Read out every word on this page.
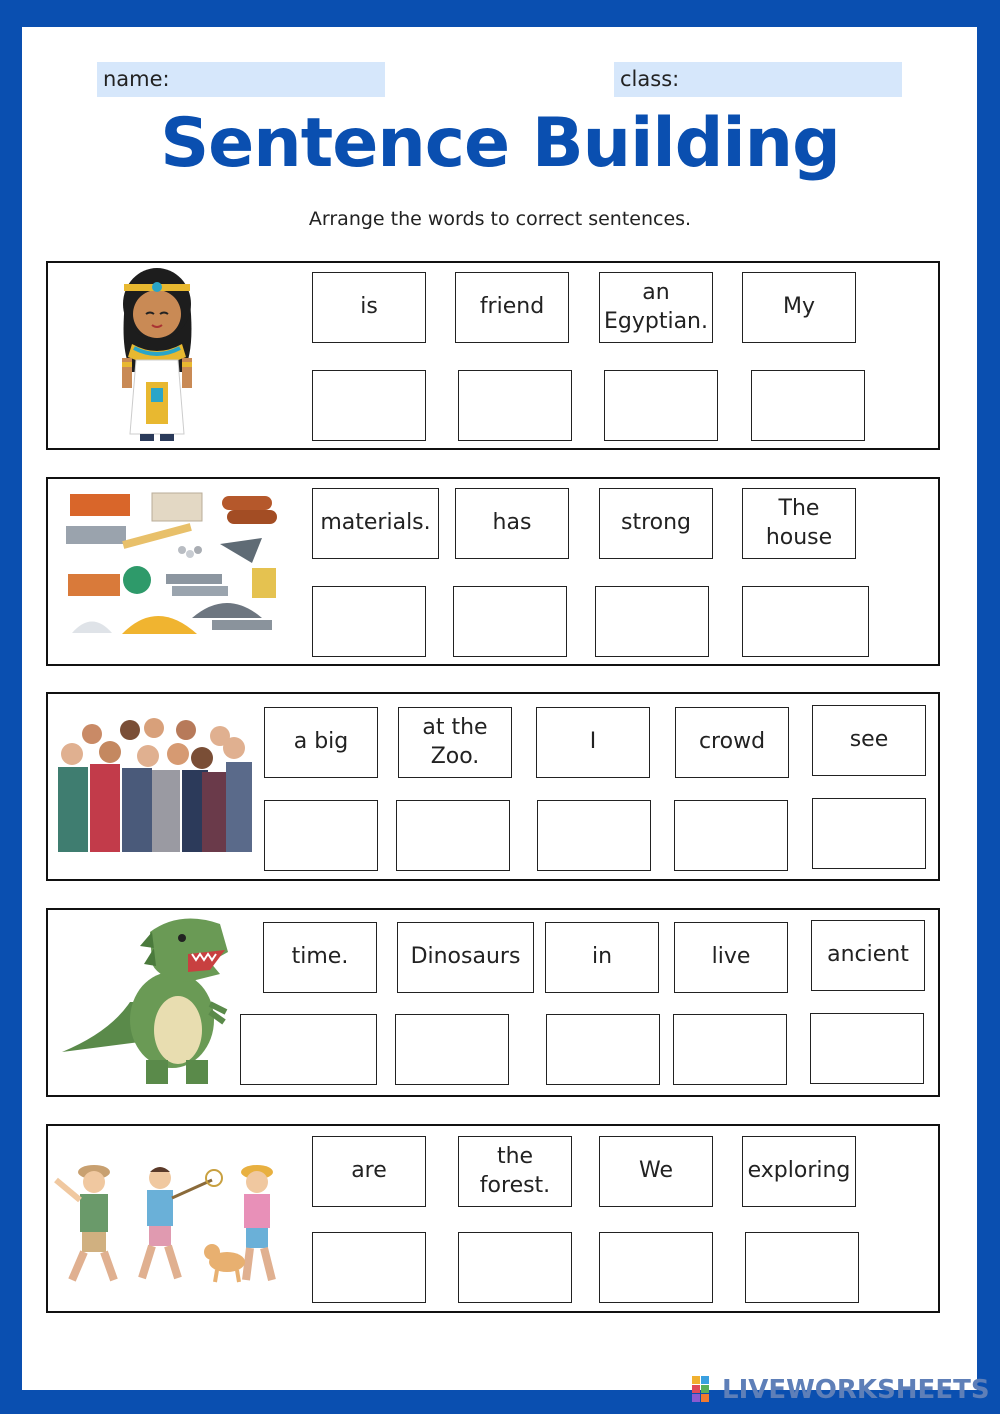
name:	class:
Sentence Building
Arrange the words to correct sentences.
is	friend
an
Egyptian.
My
materials.	has	strong
The
house
a big
at the
Zoo.
I	crowd	see
time.	Dinosaurs	in	live	ancient
are
the
forest.
We	exploring
LIVEWORKSHEETS
